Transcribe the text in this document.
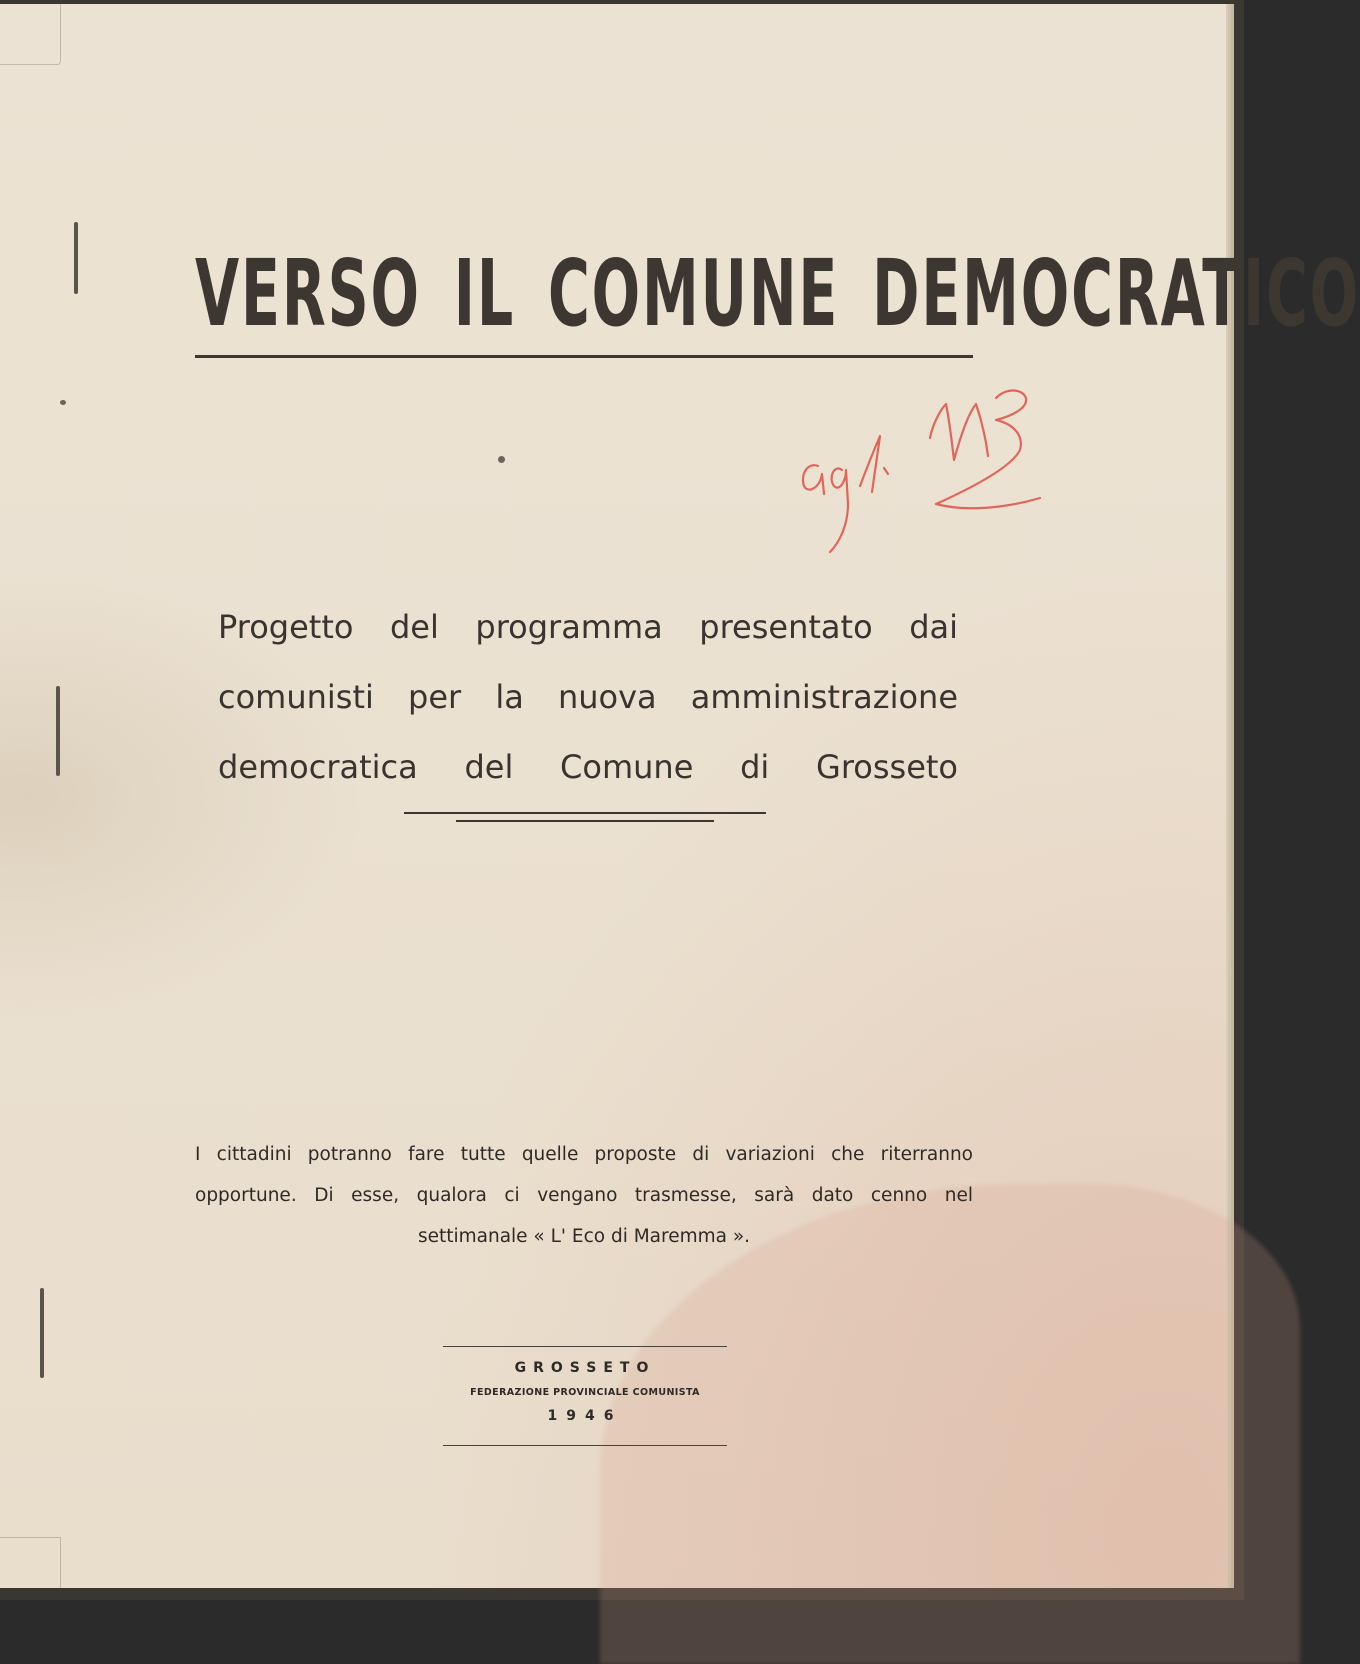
VERSO IL COMUNE DEMOCRATICO

Progetto del programma presentato dai
comunisti per la nuova amministrazione
democratica del Comune di Grosseto

I cittadini potranno fare tutte quelle proposte di variazioni che riterranno
opportune. Di esse, qualora ci vengano trasmesse, sarà dato cenno nel
settimanale « L' Eco di Maremma ».

GROSSETO

FEDERAZIONE PROVINCIALE COMUNISTA

1946
